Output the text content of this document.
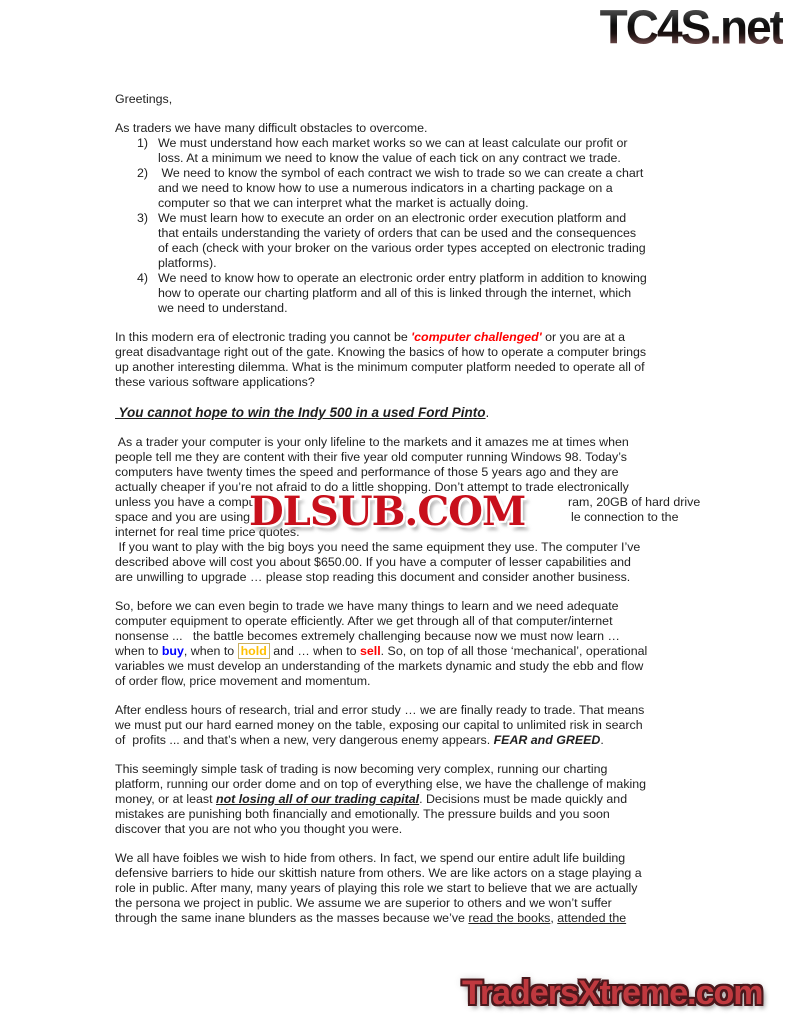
TC4S.net
Greetings,
As traders we have many difficult obstacles to overcome.
1) We must understand how each market works so we can at least calculate our profit or
loss. At a minimum we need to know the value of each tick on any contract we trade.
2) We need to know the symbol of each contract we wish to trade so we can create a chart
and we need to know how to use a numerous indicators in a charting package on a
computer so that we can interpret what the market is actually doing.
3) We must learn how to execute an order on an electronic order execution platform and
that entails understanding the variety of orders that can be used and the consequences
of each (check with your broker on the various order types accepted on electronic trading
platforms).
4) We need to know how to operate an electronic order entry platform in addition to knowing
how to operate our charting platform and all of this is linked through the internet, which
we need to understand.
In this modern era of electronic trading you cannot be 'computer challenged' or you are at a
great disadvantage right out of the gate. Knowing the basics of how to operate a computer brings
up another interesting dilemma. What is the minimum computer platform needed to operate all of
these various software applications?
You cannot hope to win the Indy 500 in a used Ford Pinto.
As a trader your computer is your only lifeline to the markets and it amazes me at times when
people tell me they are content with their five year old computer running Windows 98. Today’s
computers have twenty times the speed and performance of those 5 years ago and they are
actually cheaper if you’re not afraid to do a little shopping. Don’t attempt to trade electronically
unless you have a compu	ram, 20GB of hard drive
space and you are using	le connection to the
internet for real time price quotes.
If you want to play with the big boys you need the same equipment they use. The computer I’ve
described above will cost you about $650.00. If you have a computer of lesser capabilities and
are unwilling to upgrade … please stop reading this document and consider another business.
So, before we can even begin to trade we have many things to learn and we need adequate
computer equipment to operate efficiently. After we get through all of that computer/internet
nonsense ...   the battle becomes extremely challenging because now we must now learn …
when to buy, when to hold and … when to sell. So, on top of all those ‘mechanical’, operational
variables we must develop an understanding of the markets dynamic and study the ebb and flow
of order flow, price movement and momentum.
After endless hours of research, trial and error study … we are finally ready to trade. That means
we must put our hard earned money on the table, exposing our capital to unlimited risk in search
of  profits ... and that’s when a new, very dangerous enemy appears. FEAR and GREED.
This seemingly simple task of trading is now becoming very complex, running our charting
platform, running our order dome and on top of everything else, we have the challenge of making
money, or at least not losing all of our trading capital. Decisions must be made quickly and
mistakes are punishing both financially and emotionally. The pressure builds and you soon
discover that you are not who you thought you were.
We all have foibles we wish to hide from others. In fact, we spend our entire adult life building
defensive barriers to hide our skittish nature from others. We are like actors on a stage playing a
role in public. After many, many years of playing this role we start to believe that we are actually
the persona we project in public. We assume we are superior to others and we won’t suffer
through the same inane blunders as the masses because we’ve read the books, attended the
DLSUB.COM
TradersXtreme.com
